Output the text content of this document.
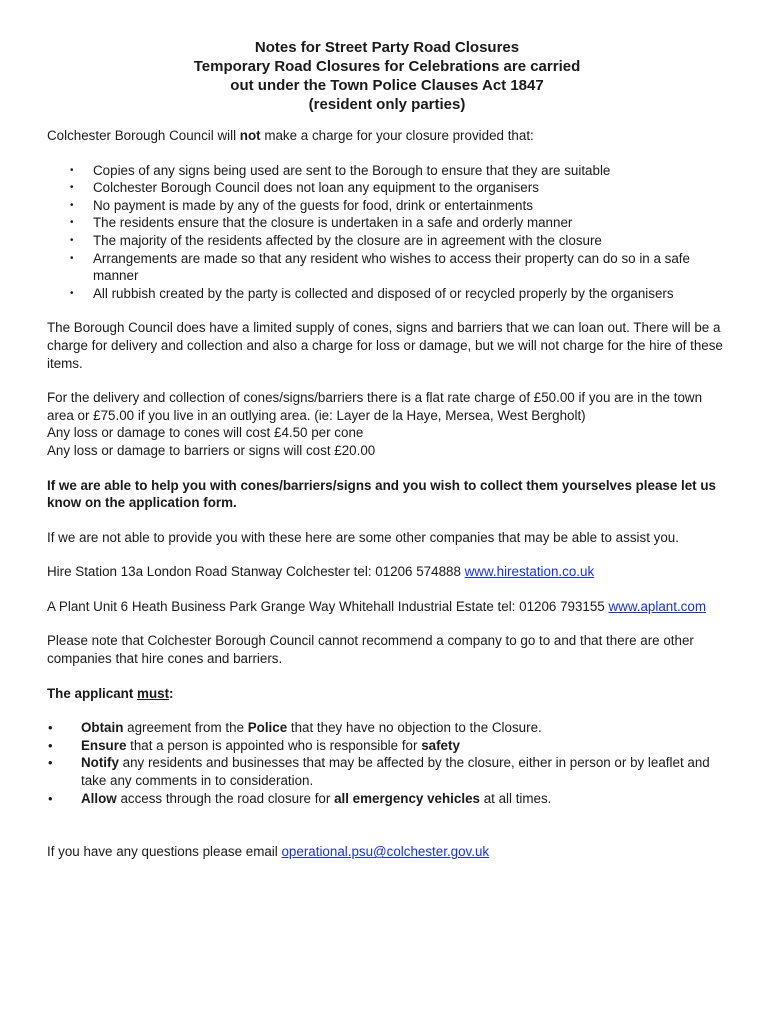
Notes for Street Party Road Closures
Temporary Road Closures for Celebrations are carried
out under the Town Police Clauses Act 1847
(resident only parties)

Colchester Borough Council will not make a charge for your closure provided that:

• Copies of any signs being used are sent to the Borough to ensure that they are suitable
• Colchester Borough Council does not loan any equipment to the organisers
• No payment is made by any of the guests for food, drink or entertainments
• The residents ensure that the closure is undertaken in a safe and orderly manner
• The majority of the residents affected by the closure are in agreement with the closure
• Arrangements are made so that any resident who wishes to access their property can do so in a safe manner
• All rubbish created by the party is collected and disposed of or recycled properly by the organisers

The Borough Council does have a limited supply of cones, signs and barriers that we can loan out. There will be a charge for delivery and collection and also a charge for loss or damage, but we will not charge for the hire of these items.

For the delivery and collection of cones/signs/barriers there is a flat rate charge of £50.00 if you are in the town area or £75.00 if you live in an outlying area. (ie: Layer de la Haye, Mersea, West Bergholt)

Any loss or damage to cones will cost £4.50 per cone

Any loss or damage to barriers or signs will cost £20.00

If we are able to help you with cones/barriers/signs and you wish to collect them yourselves please let us know on the application form.

If we are not able to provide you with these here are some other companies that may be able to assist you.

Hire Station 13a London Road Stanway Colchester tel: 01206 574888 www.hirestation.co.uk

A Plant Unit 6 Heath Business Park Grange Way Whitehall Industrial Estate tel: 01206 793155 www.aplant.com

Please note that Colchester Borough Council cannot recommend a company to go to and that there are other companies that hire cones and barriers.

The applicant must:

• Obtain agreement from the Police that they have no objection to the Closure.
• Ensure that a person is appointed who is responsible for safety
• Notify any residents and businesses that may be affected by the closure, either in person or by leaflet and take any comments in to consideration.
• Allow access through the road closure for all emergency vehicles at all times.

If you have any questions please email operational.psu@colchester.gov.uk
